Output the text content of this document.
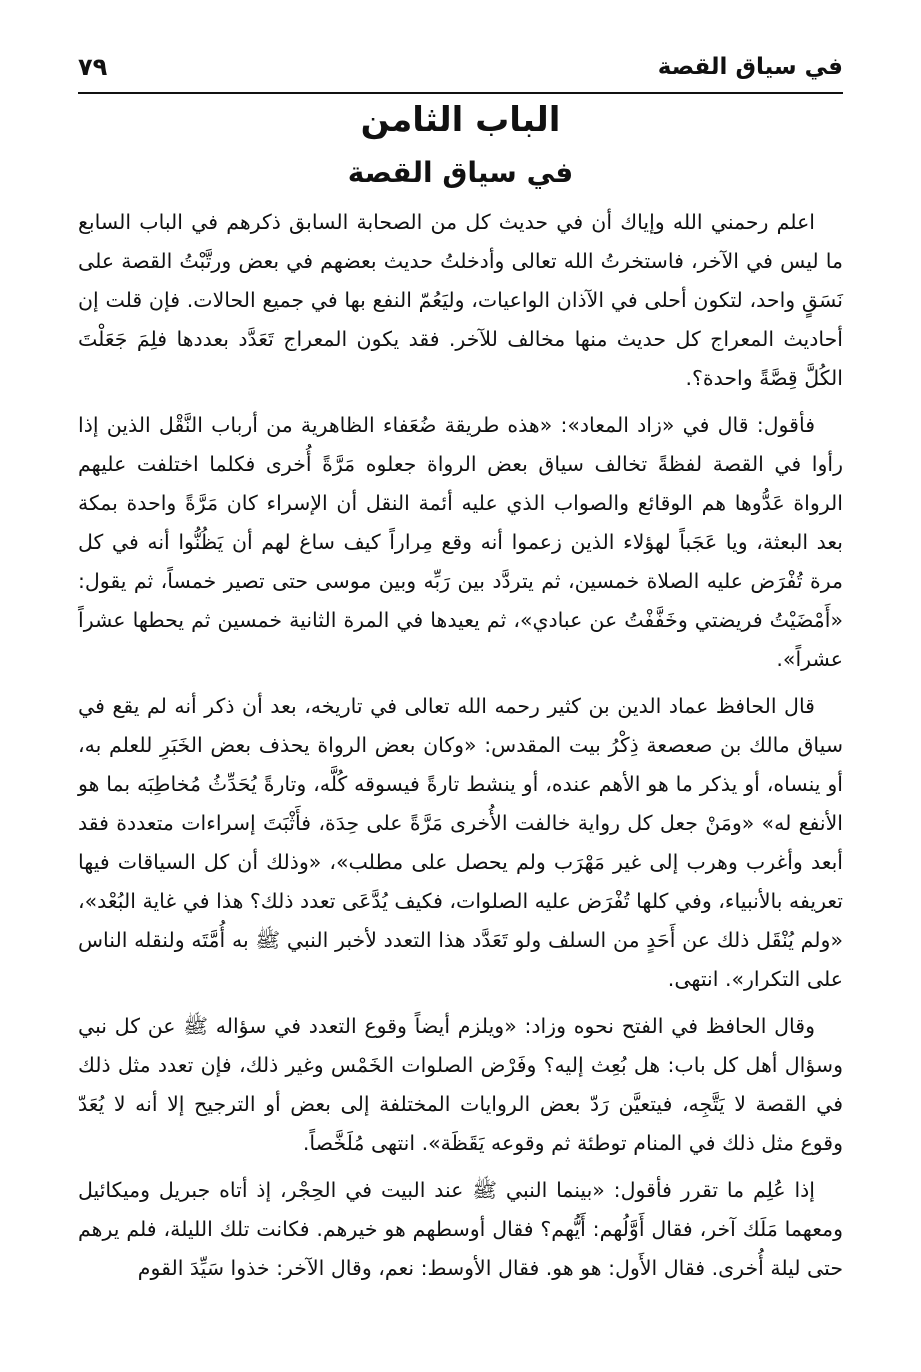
في سياق القصة
٧٩
الباب الثامن
في سياق القصة

اعلم رحمني الله وإياك أن في حديث كل من الصحابة السابق ذكرهم في الباب السابع ما ليس في الآخر، فاستخرتُ الله تعالى وأدخلتُ حديث بعضهم في بعض ورتَّبْتُ القصة على نَسَقٍ واحد، لتكون أحلى في الآذان الواعيات، وليَعُمّ النفع بها في جميع الحالات. فإن قلت إن أحاديث المعراج كل حديث منها مخالف للآخر. فقد يكون المعراج تَعَدَّد بعددها فلِمَ جَعَلْتَ الكُلَّ قِصَّةً واحدة؟.

فأقول: قال في «زاد المعاد»: «هذه طريقة ضُعَفاء الظاهرية من أرباب النَّقْل الذين إذا رأوا في القصة لفظةً تخالف سياق بعض الرواة جعلوه مَرَّةً أُخرى فكلما اختلفت عليهم الرواة عَدُّوها هم الوقائع والصواب الذي عليه أئمة النقل أن الإسراء كان مَرَّةً واحدة بمكة بعد البعثة، ويا عَجَباً لهؤلاء الذين زعموا أنه وقع مِراراً كيف ساغ لهم أن يَظُنُّوا أنه في كل مرة تُفْرَض عليه الصلاة خمسين، ثم يتردَّد بين رَبِّه وبين موسى حتى تصير خمساً، ثم يقول: «أَمْضَيْتُ فريضتي وخَفَّفْتُ عن عبادي»، ثم يعيدها في المرة الثانية خمسين ثم يحطها عشراً عشراً».

قال الحافظ عماد الدين بن كثير رحمه الله تعالى في تاريخه، بعد أن ذكر أنه لم يقع في سياق مالك بن صعصعة ذِكْرُ بيت المقدس: «وكان بعض الرواة يحذف بعض الخَبَرِ للعلم به، أو ينساه، أو يذكر ما هو الأهم عنده، أو ينشط تارةً فيسوقه كُلَّه، وتارةً يُحَدِّثُ مُخاطِبَه بما هو الأنفع له» «ومَنْ جعل كل رواية خالفت الأُخرى مَرَّةً على حِدَة، فأَثْبَتَ إسراءات متعددة فقد أبعد وأغرب وهرب إلى غير مَهْرَب ولم يحصل على مطلب»، «وذلك أن كل السياقات فيها تعريفه بالأنبياء، وفي كلها تُفْرَض عليه الصلوات، فكيف يُدَّعَى تعدد ذلك؟ هذا في غاية البُعْد»، «ولم يُنْقَل ذلك عن أَحَدٍ من السلف ولو تَعَدَّد هذا التعدد لأخبر النبي ﷺ به أُمَّتَه ولنقله الناس على التكرار». انتهى.

وقال الحافظ في الفتح نحوه وزاد: «ويلزم أيضاً وقوع التعدد في سؤاله ﷺ عن كل نبي وسؤال أهل كل باب: هل بُعِث إليه؟ وفَرْض الصلوات الخَمْس وغير ذلك، فإن تعدد مثل ذلك في القصة لا يَتَّجِه، فيتعيَّن رَدّ بعض الروايات المختلفة إلى بعض أو الترجيح إلا أنه لا يُعَدّ وقوع مثل ذلك في المنام توطئة ثم وقوعه يَقَظَة». انتهى مُلَخَّصاً.

إذا عُلِم ما تقرر فأقول: «بينما النبي ﷺ عند البيت في الحِجْر، إذ أتاه جبريل وميكائيل ومعهما مَلَك آخر، فقال أَوَّلُهم: أَيُّهم؟ فقال أوسطهم هو خيرهم. فكانت تلك الليلة، فلم يرهم حتى ليلة أُخرى. فقال الأَول: هو هو. فقال الأوسط: نعم، وقال الآخر: خذوا سَيِّدَ القوم
